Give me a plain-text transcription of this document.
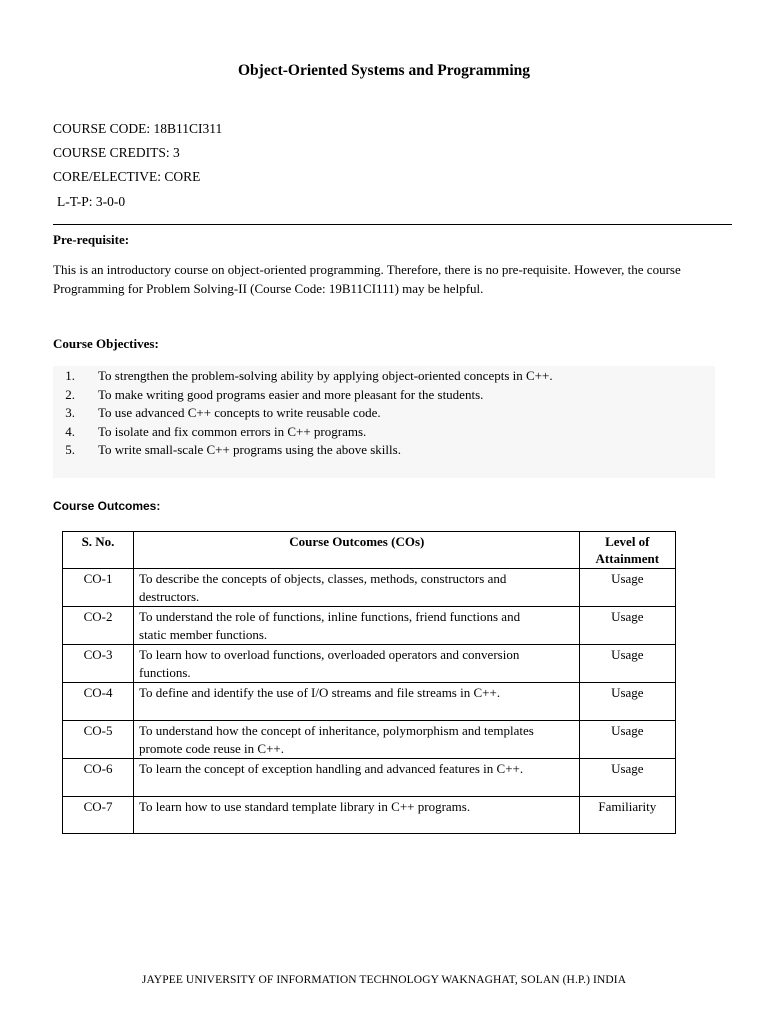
Object-Oriented Systems and Programming
COURSE CODE: 18B11CI311
COURSE CREDITS: 3
CORE/ELECTIVE: CORE
L-T-P: 3-0-0
Pre-requisite:
This is an introductory course on object-oriented programming. Therefore, there is no pre-requisite. However, the course
Programming for Problem Solving-II (Course Code: 19B11CI111) may be helpful.
Course Objectives:
1. To strengthen the problem-solving ability by applying object-oriented concepts in C++.
2. To make writing good programs easier and more pleasant for the students.
3. To use advanced C++ concepts to write reusable code.
4. To isolate and fix common errors in C++ programs.
5. To write small-scale C++ programs using the above skills.
Course Outcomes:
S. No.	Course Outcomes (COs)	Level of
Attainment

CO-1	To describe the concepts of objects, classes, methods, constructors and
destructors.	Usage
CO-2	To understand the role of functions, inline functions, friend functions and
static member functions.	Usage
CO-3	To learn how to overload functions, overloaded operators and conversion
functions.	Usage
CO-4	To define and identify the use of I/O streams and file streams in C++.	Usage
CO-5	To understand how the concept of inheritance, polymorphism and templates
promote code reuse in C++.	Usage
CO-6	To learn the concept of exception handling and advanced features in C++.	Usage
CO-7	To learn how to use standard template library in C++ programs.	Familiarity
JAYPEE UNIVERSITY OF INFORMATION TECHNOLOGY WAKNAGHAT, SOLAN (H.P.) INDIA
